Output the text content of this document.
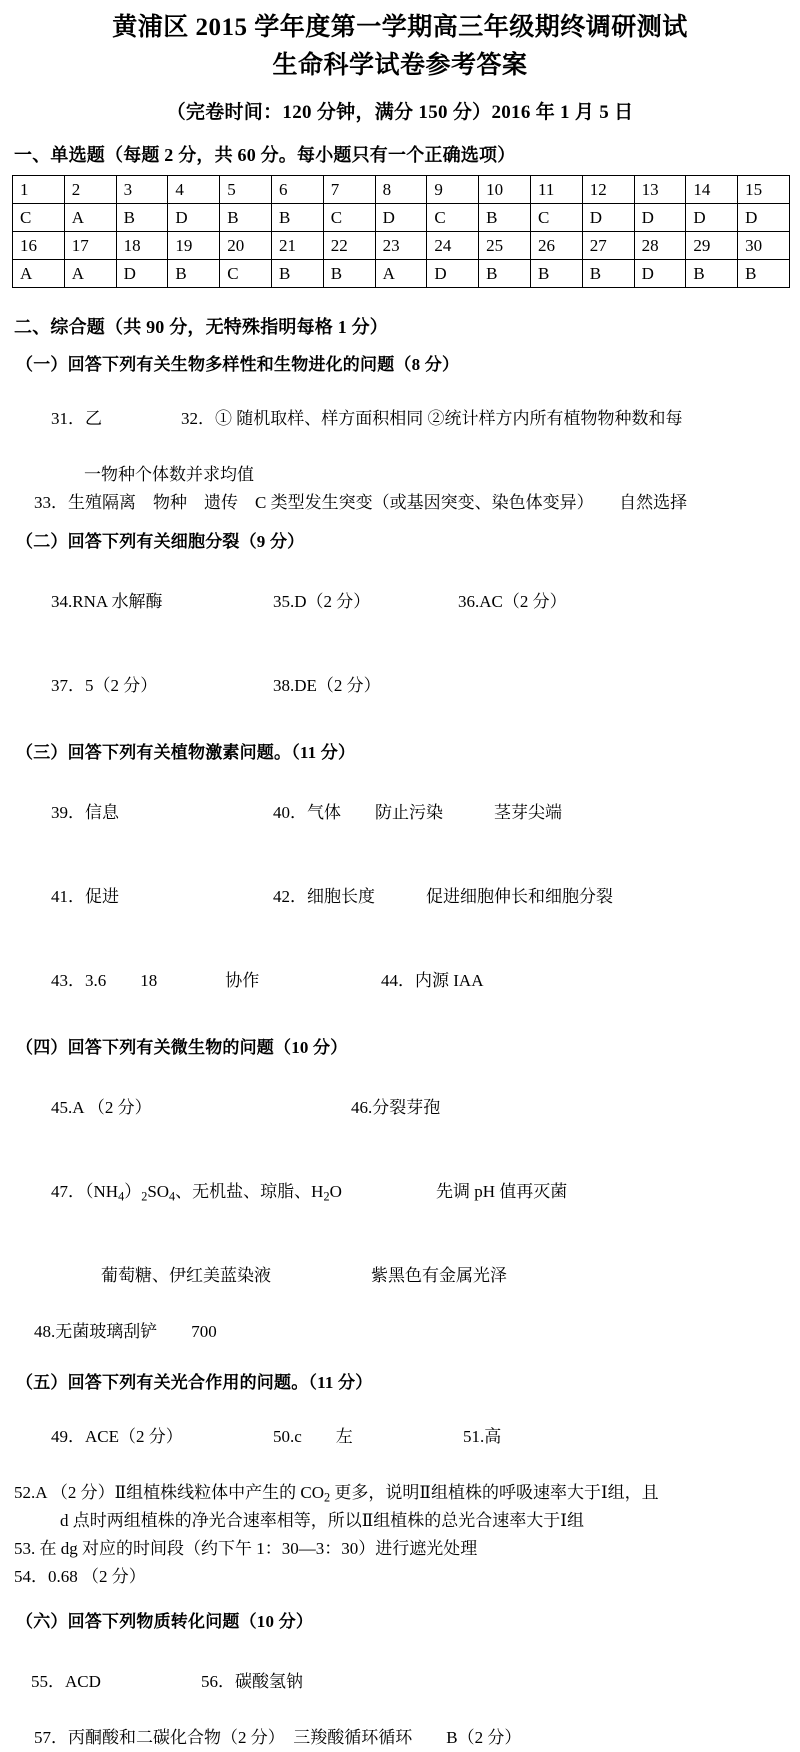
黄浦区 2015 学年度第一学期高三年级期终调研测试
生命科学试卷参考答案
（完卷时间：120 分钟，满分 150 分）2016 年 1 月 5 日
一、单选题（每题 2 分，共 60 分。每小题只有一个正确选项）
1	2	3	4	5	6	7	8	9	10	11	12	13	14	15
C	A	B	D	B	B	C	D	C	B	C	D	D	D	D
16	17	18	19	20	21	22	23	24	25	26	27	28	29	30
A	A	D	B	C	B	B	A	D	B	B	B	D	B	B
二、综合题（共 90 分，无特殊指明每格 1 分）
（一）回答下列有关生物多样性和生物进化的问题（8 分）

31．乙	32．① 随机取样、样方面积相同 ②统计样方内所有植物物种数和每

一物种个体数并求均值
33．生殖隔离　物种　遗传　C 类型发生突变（或基因突变、染色体变异）　　自然选择
（二）回答下列有关细胞分裂（9 分）

34.RNA 水解酶	35.D（2 分）	36.AC（2 分）

37．5（2 分）	38.DE（2 分）

（三）回答下列有关植物激素问题。（11 分）

39．信息	40．气体　　防止污染　　　茎芽尖端

41．促进	42．细胞长度　　　促进细胞伸长和细胞分裂

43．3.6　　18　　　　协作	44．内源 IAA

（四）回答下列有关微生物的问题（10 分）

45.A （2 分）	46.分裂芽孢

47．$(NH_4)_2SO_4$、无机盐、琼脂、$H_2O$	先调 pH 值再灭菌

葡萄糖、伊红美蓝染液	紫黑色有金属光泽

48.无菌玻璃刮铲　　700
（五）回答下列有关光合作用的问题。（11 分）

49．ACE（2 分）	50.c　　左	51.高

52.A （2 分）Ⅱ组植株线粒体中产生的 $CO_2$ 更多，说明Ⅱ组植株的呼吸速率大于Ⅰ组，且
d 点时两组植株的净光合速率相等，所以Ⅱ组植株的总光合速率大于Ⅰ组
53. 在 dg 对应的时间段（约下午 1：30—3：30）进行遮光处理
54．0.68 （2 分）
（六）回答下列物质转化问题（10 分）

55．ACD	56．碳酸氢钠

57．丙酮酸和二碳化合物（2 分）　三羧酸循环循环　　B（2 分）
